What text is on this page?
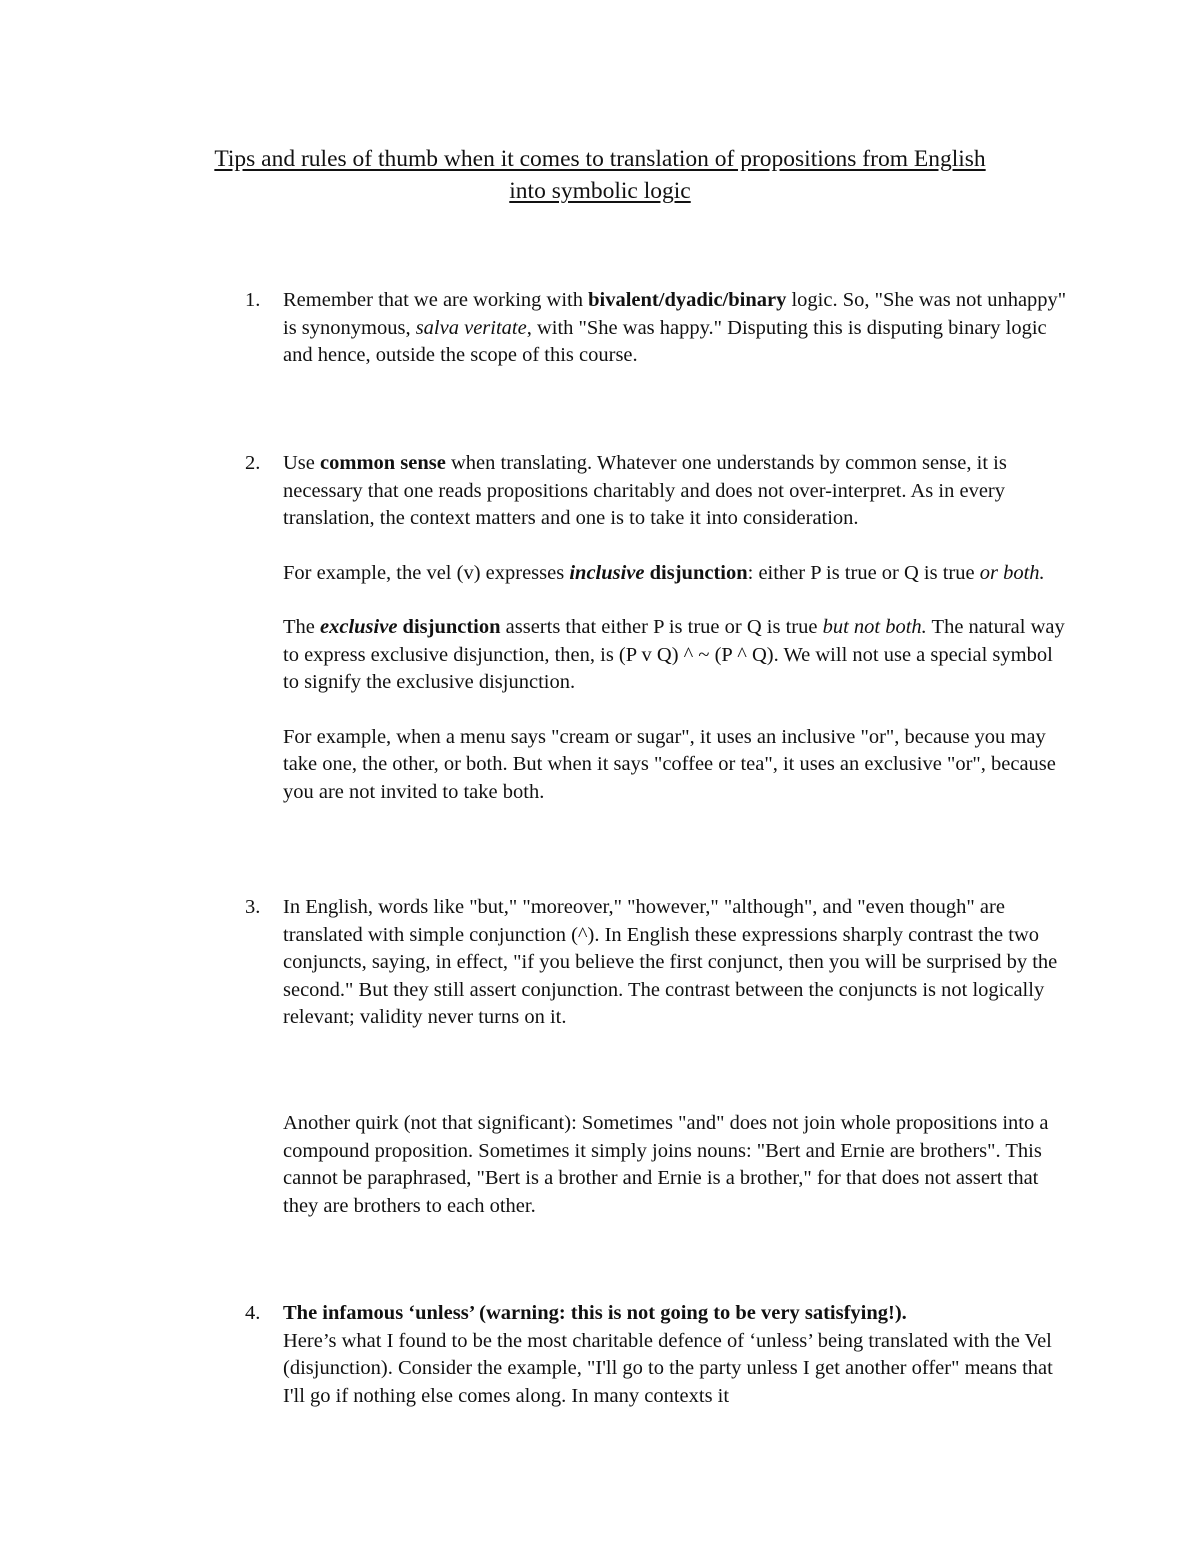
Tips and rules of thumb when it comes to translation of propositions from English
into symbolic logic
1. Remember that we are working with bivalent/dyadic/binary logic. So, "She was not unhappy" is synonymous, salva veritate, with "She was happy." Disputing this is disputing binary logic and hence, outside the scope of this course.

2. Use common sense when translating. Whatever one understands by common sense, it is necessary that one reads propositions charitably and does not over-interpret. As in every translation, the context matters and one is to take it into consideration.

For example, the vel (v) expresses inclusive disjunction: either P is true or Q is true or both.

The exclusive disjunction asserts that either P is true or Q is true but not both. The natural way to express exclusive disjunction, then, is (P v Q) ^ ~ (P ^ Q). We will not use a special symbol to signify the exclusive disjunction.

For example, when a menu says "cream or sugar", it uses an inclusive "or", because you may take one, the other, or both. But when it says "coffee or tea", it uses an exclusive "or", because you are not invited to take both.

3. In English, words like "but," "moreover," "however," "although", and "even though" are translated with simple conjunction (^). In English these expressions sharply contrast the two conjuncts, saying, in effect, "if you believe the first conjunct, then you will be surprised by the second." But they still assert conjunction. The contrast between the conjuncts is not logically relevant; validity never turns on it.

Another quirk (not that significant): Sometimes "and" does not join whole propositions into a compound proposition. Sometimes it simply joins nouns: "Bert and Ernie are brothers". This cannot be paraphrased, "Bert is a brother and Ernie is a brother," for that does not assert that they are brothers to each other.

4. The infamous ‘unless’ (warning: this is not going to be very satisfying!).

Here’s what I found to be the most charitable defence of ‘unless’ being translated with the Vel (disjunction). Consider the example, "I'll go to the party unless I get another offer" means that I'll go if nothing else comes along. In many contexts it
